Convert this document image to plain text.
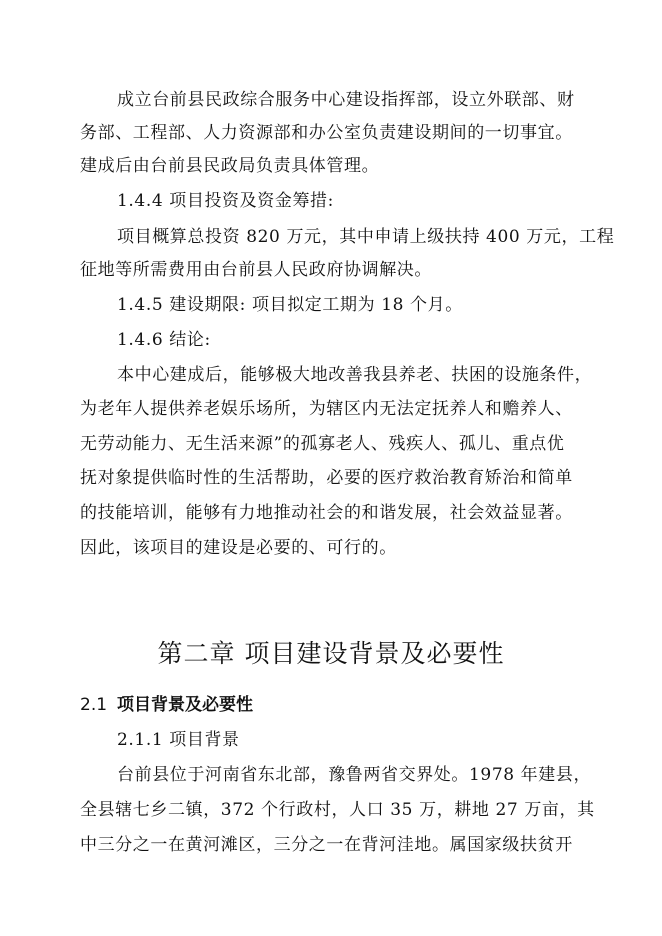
成立台前县民政综合服务中心建设指挥部，设立外联部、财
务部、工程部、人力资源部和办公室负责建设期间的一切事宜。
建成后由台前县民政局负责具体管理。
1.4.4 项目投资及资金筹措:
项目概算总投资 820 万元，其中申请上级扶持 400 万元，工程
征地等所需费用由台前县人民政府协调解决。
1.4.5 建设期限: 项目拟定工期为 18 个月。
1.4.6 结论:
本中心建成后，能够极大地改善我县养老、扶困的设施条件，
为老年人提供养老娱乐场所，为辖区内无法定抚养人和赡养人、
无劳动能力、无生活来源”的孤寡老人、残疾人、孤儿、重点优
抚对象提供临时性的生活帮助，必要的医疗救治教育矫治和简单
的技能培训，能够有力地推动社会的和谐发展，社会效益显著。
因此，该项目的建设是必要的、可行的。
第二章 项目建设背景及必要性
2.1 项目背景及必要性
2.1.1 项目背景
台前县位于河南省东北部，豫鲁两省交界处。1978 年建县，
全县辖七乡二镇，372 个行政村，人口 35 万，耕地 27 万亩，其
中三分之一在黄河滩区，三分之一在背河洼地。属国家级扶贫开
